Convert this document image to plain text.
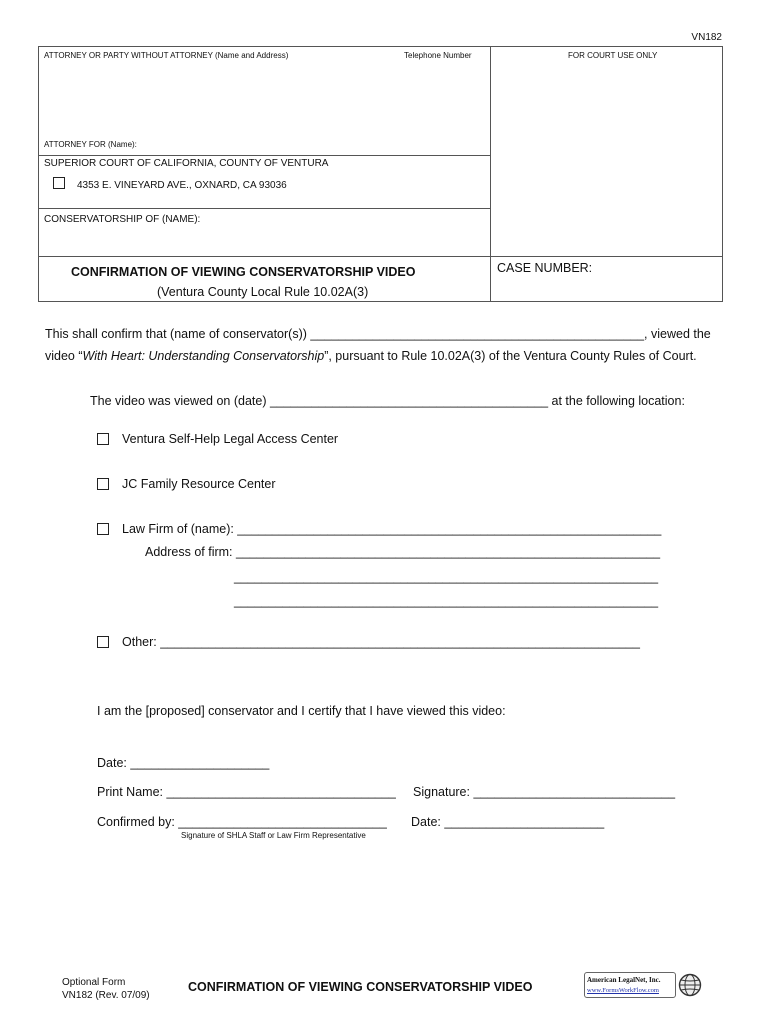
VN182
ATTORNEY OR PARTY WITHOUT ATTORNEY (Name and Address)	Telephone Number	FOR COURT USE ONLY
ATTORNEY FOR (Name):
SUPERIOR COURT OF CALIFORNIA, COUNTY OF VENTURA
4353 E. VINEYARD AVE., OXNARD, CA 93036
CONSERVATORSHIP OF (NAME):
CONFIRMATION OF VIEWING CONSERVATORSHIP VIDEO
(Ventura County Local Rule 10.02A(3)
CASE NUMBER:
This shall confirm that (name of conservator(s)) ________________________________________________, viewed the
video “With Heart: Understanding Conservatorship”, pursuant to Rule 10.02A(3) of the Ventura County Rules of Court.
The video was viewed on (date) ________________________________________ at the following location:
Ventura Self-Help Legal Access Center
JC Family Resource Center
Law Firm of (name): _____________________________________________________________
Address of firm: _____________________________________________________________
_____________________________________________________________
_____________________________________________________________
Other: _____________________________________________________________________
I am the [proposed] conservator and I certify that I have viewed this video:
Date: ____________________
Print Name: _________________________________ Signature: _____________________________
Confirmed by: ______________________________ Date: _______________________
Signature of SHLA Staff or Law Firm Representative
Optional Form
VN182 (Rev. 07/09)
CONFIRMATION OF VIEWING CONSERVATORSHIP VIDEO	American LegalNet, Inc.
www.FormsWorkFlow.com
